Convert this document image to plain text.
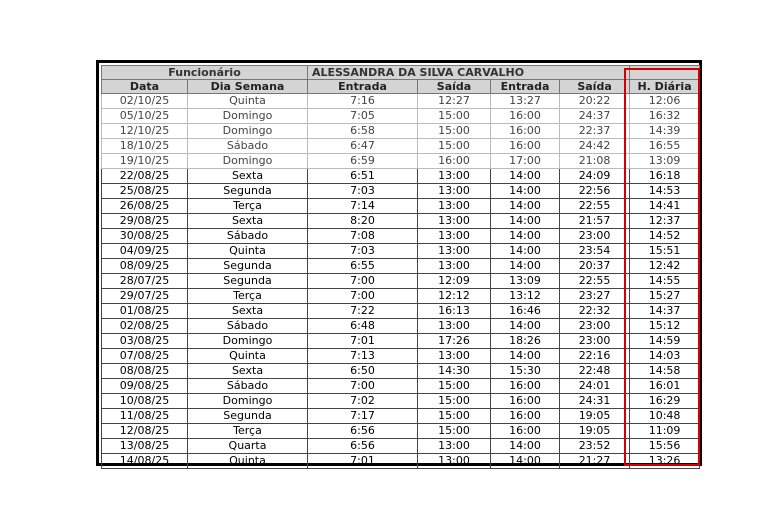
Funcionário		ALESSANDRA DA SILVA CARVALHO				
Data	Dia Semana	Entrada	Saída	Entrada	Saída	H. Diária
02/10/25	Quinta	7:16	12:27	13:27	20:22	12:06
05/10/25	Domingo	7:05	15:00	16:00	24:37	16:32
12/10/25	Domingo	6:58	15:00	16:00	22:37	14:39
18/10/25	Sábado	6:47	15:00	16:00	24:42	16:55
19/10/25	Domingo	6:59	16:00	17:00	21:08	13:09
22/08/25	Sexta	6:51	13:00	14:00	24:09	16:18
25/08/25	Segunda	7:03	13:00	14:00	22:56	14:53
26/08/25	Terça	7:14	13:00	14:00	22:55	14:41
29/08/25	Sexta	8:20	13:00	14:00	21:57	12:37
30/08/25	Sábado	7:08	13:00	14:00	23:00	14:52
04/09/25	Quinta	7:03	13:00	14:00	23:54	15:51
08/09/25	Segunda	6:55	13:00	14:00	20:37	12:42
28/07/25	Segunda	7:00	12:09	13:09	22:55	14:55
29/07/25	Terça	7:00	12:12	13:12	23:27	15:27
01/08/25	Sexta	7:22	16:13	16:46	22:32	14:37
02/08/25	Sábado	6:48	13:00	14:00	23:00	15:12
03/08/25	Domingo	7:01	17:26	18:26	23:00	14:59
07/08/25	Quinta	7:13	13:00	14:00	22:16	14:03
08/08/25	Sexta	6:50	14:30	15:30	22:48	14:58
09/08/25	Sábado	7:00	15:00	16:00	24:01	16:01
10/08/25	Domingo	7:02	15:00	16:00	24:31	16:29
11/08/25	Segunda	7:17	15:00	16:00	19:05	10:48
12/08/25	Terça	6:56	15:00	16:00	19:05	11:09
13/08/25	Quarta	6:56	13:00	14:00	23:52	15:56
14/08/25	Quinta	7:01	13:00	14:00	21:27	13:26
